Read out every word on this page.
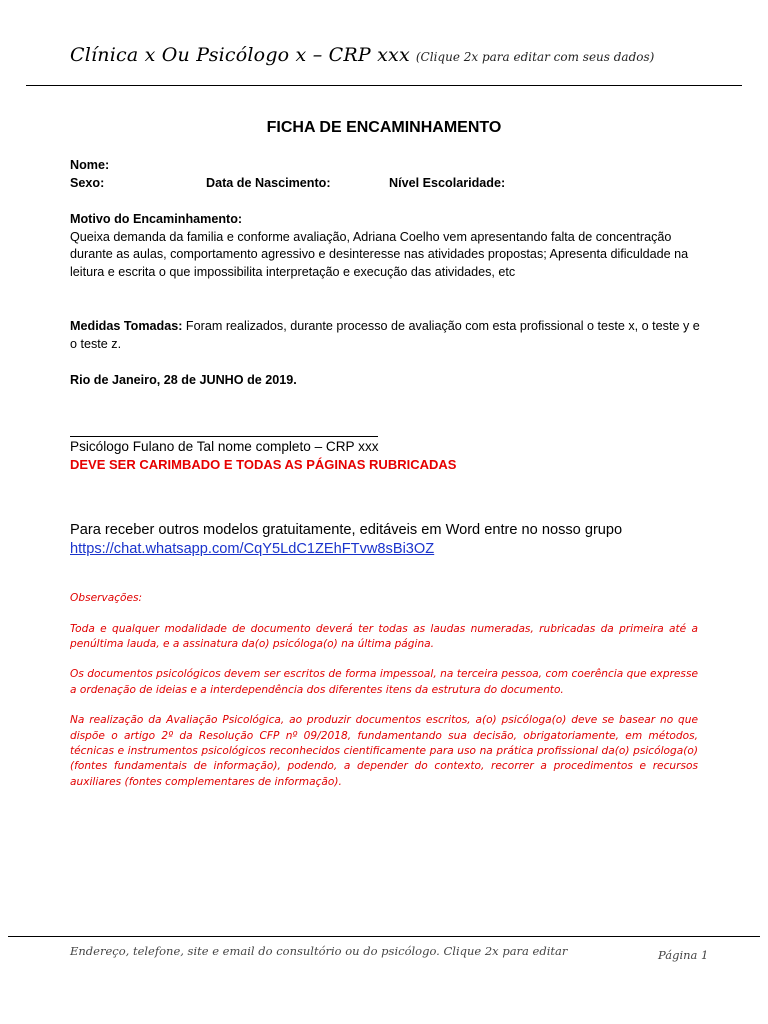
Clínica x Ou Psicólogo x – CRP xxx (Clique 2x para editar com seus dados)
FICHA DE ENCAMINHAMENTO
Nome:
Sexo:	Data de Nascimento:	Nível Escolaridade:
Motivo do Encaminhamento:
Queixa demanda da familia e conforme avaliação, Adriana Coelho vem apresentando falta de concentração durante as aulas, comportamento agressivo e desinteresse nas atividades propostas; Apresenta dificuldade na leitura e escrita o que impossibilita interpretação e execução das atividades, etc
Medidas Tomadas: Foram realizados, durante processo de avaliação com esta profissional o teste x, o teste y e o teste z.
Rio de Janeiro, 28 de JUNHO de 2019.
Psicólogo Fulano de Tal nome completo – CRP xxx
DEVE SER CARIMBADO E TODAS AS PÁGINAS RUBRICADAS
Para receber outros modelos gratuitamente, editáveis em Word entre no nosso grupo
https://chat.whatsapp.com/CqY5LdC1ZEhFTvw8sBi3OZ

Observações:

Toda e qualquer modalidade de documento deverá ter todas as laudas numeradas, rubricadas da primeira até a penúltima lauda, e a assinatura da(o) psicóloga(o) na última página.

Os documentos psicológicos devem ser escritos de forma impessoal, na terceira pessoa, com coerência que expresse a ordenação de ideias e a interdependência dos diferentes itens da estrutura do documento.

Na realização da Avaliação Psicológica, ao produzir documentos escritos, a(o) psicóloga(o) deve se basear no que dispõe o artigo 2º da Resolução CFP nº 09/2018, fundamentando sua decisão, obrigatoriamente, em métodos, técnicas e instrumentos psicológicos reconhecidos cientificamente para uso na prática profissional da(o) psicóloga(o) (fontes fundamentais de informação), podendo, a depender do contexto, recorrer a procedimentos e recursos auxiliares (fontes complementares de informação).

Endereço, telefone, site e email do consultório ou do psicólogo. Clique 2x para editar	Página 1
